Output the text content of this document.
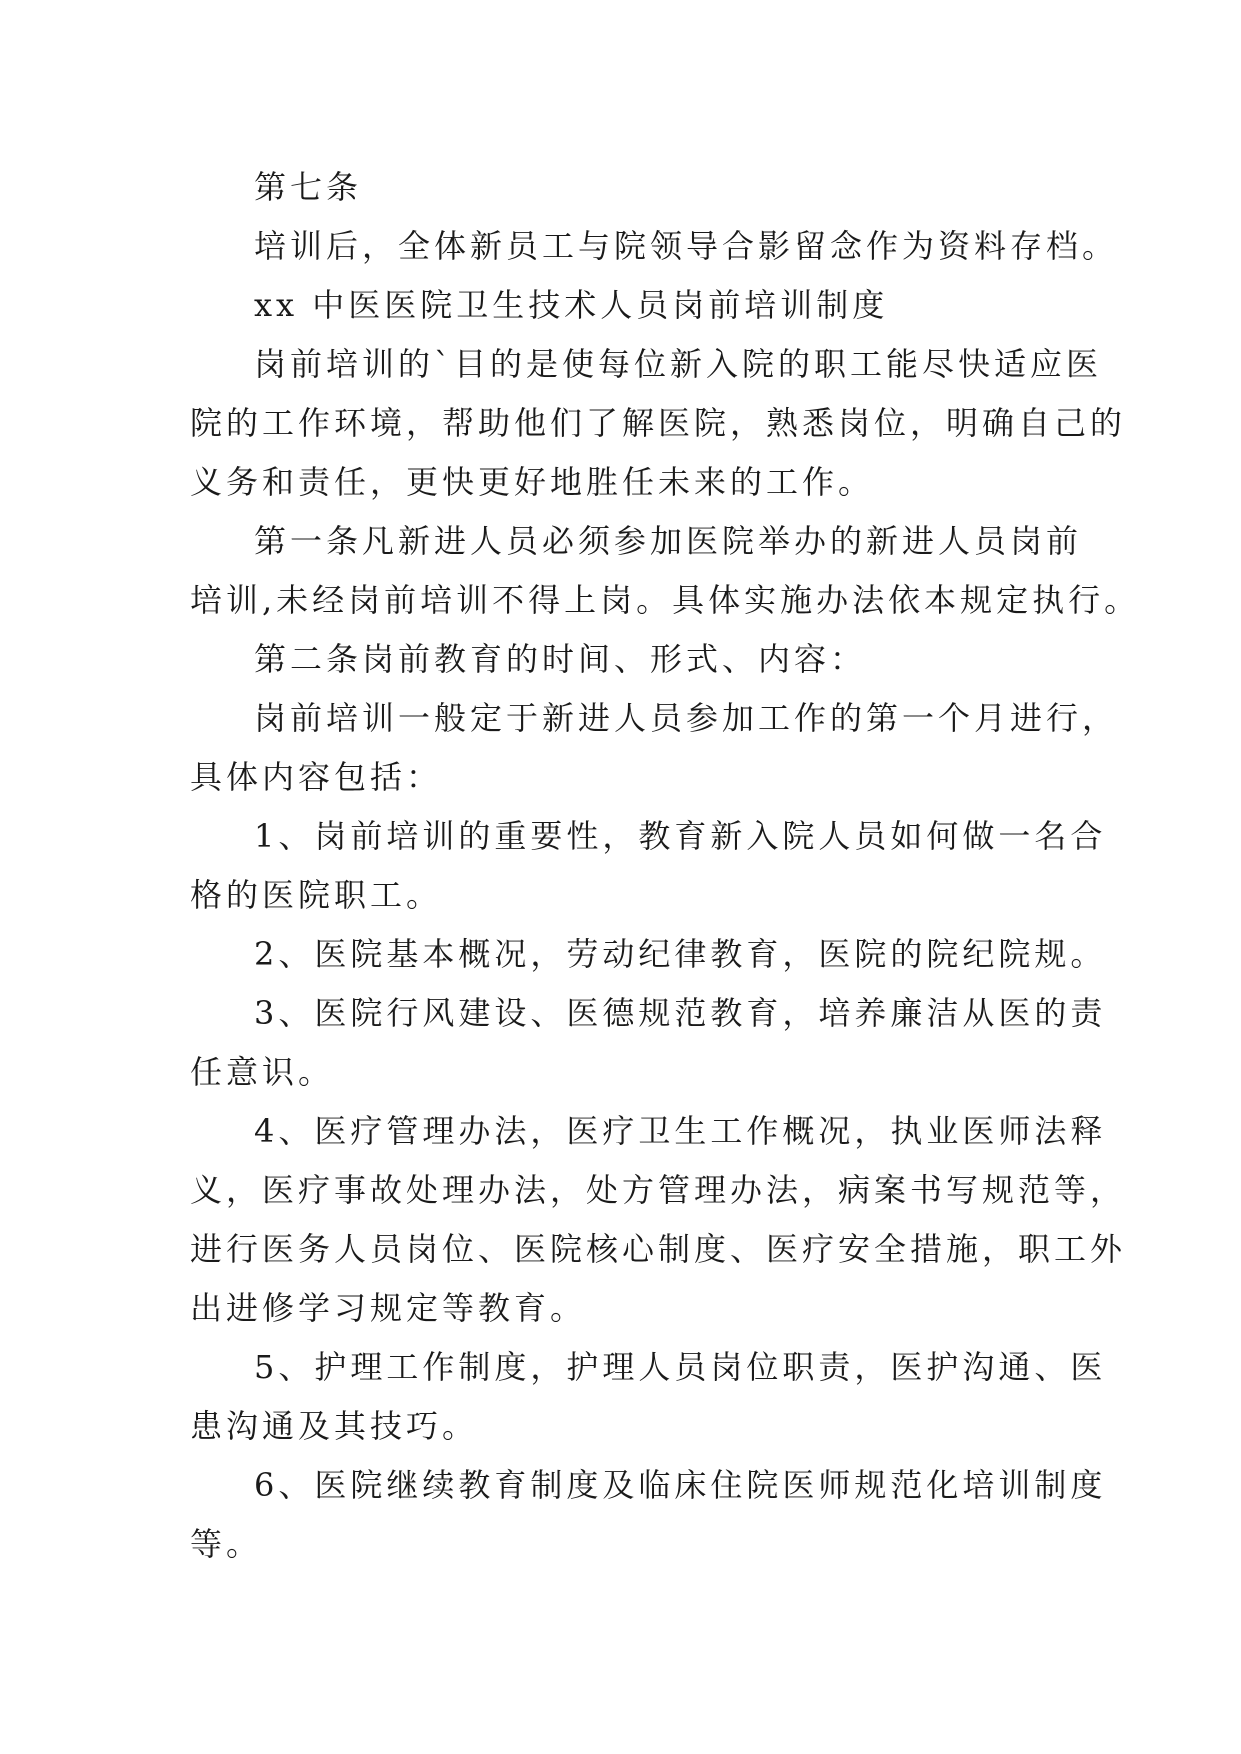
第七条

培训后，全体新员工与院领导合影留念作为资料存档。

xx 中医医院卫生技术人员岗前培训制度

岗前培训的`目的是使每位新入院的职工能尽快适应医
院的工作环境，帮助他们了解医院，熟悉岗位，明确自己的
义务和责任，更快更好地胜任未来的工作。

第一条凡新进人员必须参加医院举办的新进人员岗前
培训,未经岗前培训不得上岗。具体实施办法依本规定执行。

第二条岗前教育的时间、形式、内容：

岗前培训一般定于新进人员参加工作的第一个月进行，
具体内容包括：

1、岗前培训的重要性，教育新入院人员如何做一名合
格的医院职工。

2、医院基本概况，劳动纪律教育，医院的院纪院规。

3、医院行风建设、医德规范教育，培养廉洁从医的责
任意识。

4、医疗管理办法，医疗卫生工作概况，执业医师法释
义，医疗事故处理办法，处方管理办法，病案书写规范等，
进行医务人员岗位、医院核心制度、医疗安全措施，职工外
出进修学习规定等教育。

5、护理工作制度，护理人员岗位职责，医护沟通、医
患沟通及其技巧。

6、医院继续教育制度及临床住院医师规范化培训制度
等。
